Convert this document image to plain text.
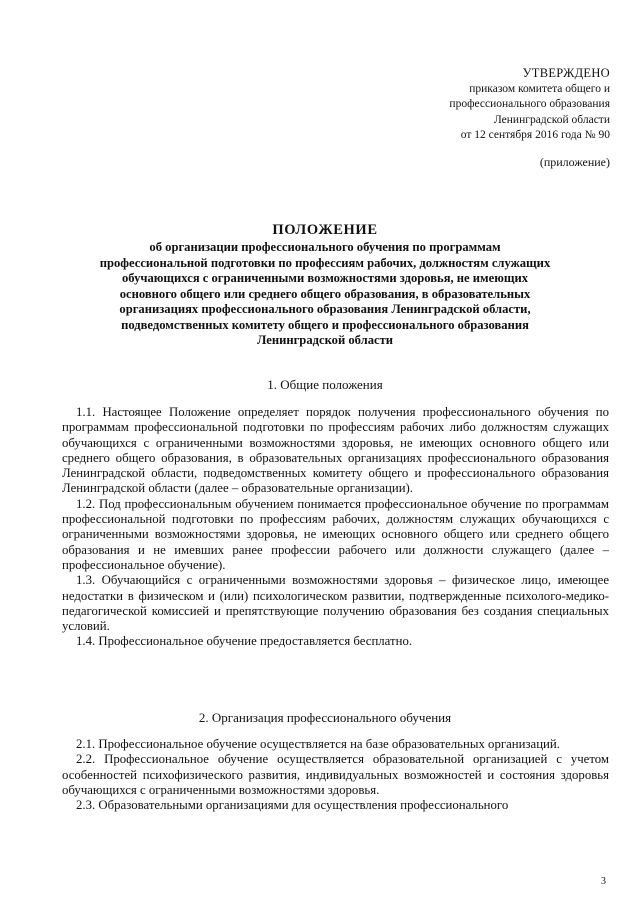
УТВЕРЖДЕНО
приказом комитета общего и
профессионального образования
Ленинградской области
от 12 сентября 2016 года № 90
(приложение)
ПОЛОЖЕНИЕ

об организации профессионального обучения по программам

профессиональной подготовки по профессиям рабочих, должностям служащих

обучающихся с ограниченными возможностями здоровья, не имеющих

основного общего или среднего общего образования, в образовательных

организациях профессионального образования Ленинградской области,

подведомственных комитету общего и профессионального образования

Ленинградской области

1. Общие положения

1.1. Настоящее Положение определяет порядок получения профессионального обучения по программам профессиональной подготовки по профессиям рабочих либо должностям служащих обучающихся с ограниченными возможностями здоровья, не имеющих основного общего или среднего общего образования, в образовательных организациях профессионального образования Ленинградской области, подведомственных комитету общего и профессионального образования Ленинградской области (далее – образовательные организации).

1.2. Под профессиональным обучением понимается профессиональное обучение по программам профессиональной подготовки по профессиям рабочих, должностям служащих обучающихся с ограниченными возможностями здоровья, не имеющих основного общего или среднего общего образования и не имевших ранее профессии рабочего или должности служащего (далее – профессиональное обучение).

1.3. Обучающийся с ограниченными возможностями здоровья – физическое лицо, имеющее недостатки в физическом и (или) психологическом развитии, подтвержденные психолого-медико-педагогической комиссией и препятствующие получению образования без создания специальных условий.

1.4. Профессиональное обучение предоставляется бесплатно.

2. Организация профессионального обучения

2.1. Профессиональное обучение осуществляется на базе образовательных организаций.

2.2. Профессиональное обучение осуществляется образовательной организацией с учетом особенностей психофизического развития, индивидуальных возможностей и состояния здоровья обучающихся с ограниченными возможностями здоровья.

2.3. Образовательными организациями для осуществления профессионального

3
